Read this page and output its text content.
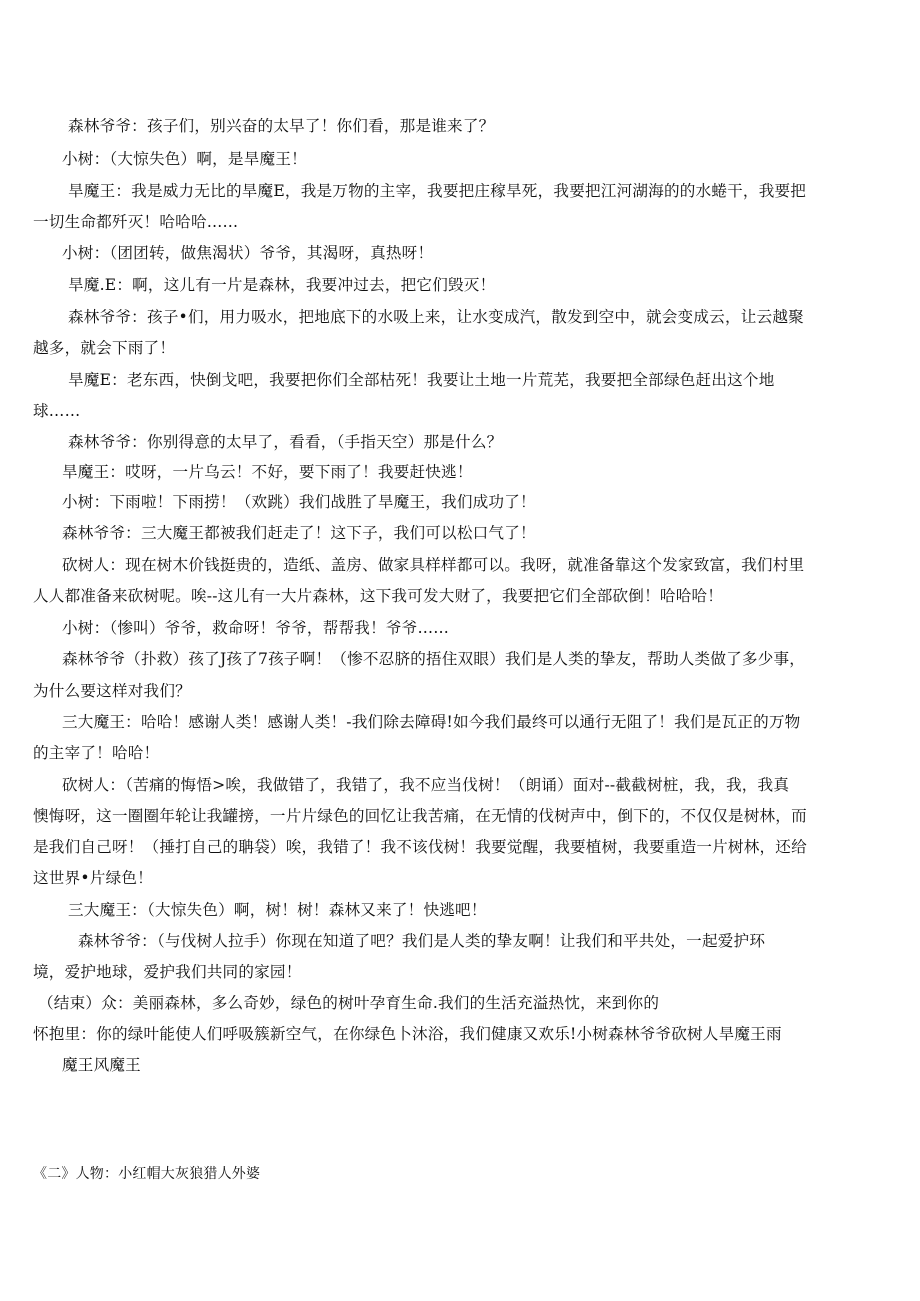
森林爷爷：孩子们，别兴奋的太早了！你们看，那是谁来了？
小树：（大惊失色）啊，是旱魔王！
旱魔王：我是威力无比的旱魔E，我是万物的主宰，我要把庄稼旱死，我要把江河湖海的的水蜷干，我要把
一切生命都歼灭！哈哈哈……
小树：（团团转，做焦渴状）爷爷，其渴呀，真热呀！
旱魔.E：啊，这儿有一片是森林，我要冲过去，把它们毁灭！
森林爷爷：孩子•们，用力吸水，把地底下的水吸上来，让水变成汽，散发到空中，就会变成云，让云越聚
越多，就会下雨了！
旱魔E：老东西，快倒戈吧，我要把你们全部枯死！我要让土地一片荒芜，我要把全部绿色赶出这个地
球……
森林爷爷：你别得意的太早了，看看，（手指天空）那是什么？
旱魔王：哎呀，一片乌云！不好，要下雨了！我要赶快逃！
小树：下雨啦！下雨捞！（欢跳）我们战胜了旱魔王，我们成功了！
森林爷爷：三大魔王都被我们赶走了！这下子，我们可以松口气了！
砍树人：现在树木价钱挺贵的，造纸、盖房、做家具样样都可以。我呀，就准备靠这个发家致富，我们村里
人人都准备来砍树呢。唉--这儿有一大片森林，这下我可发大财了，我要把它们全部砍倒！哈哈哈！
小树：（惨叫）爷爷，救命呀！爷爷，帮帮我！爷爷……
森林爷爷（扑救）孩了J孩了7孩子啊！（惨不忍脐的捂住双眼）我们是人类的挚友，帮助人类做了多少事，
为什么要这样对我们？
三大魔王：哈哈！感谢人类！感谢人类！-我们除去障碍!如今我们最终可以通行无阻了！我们是瓦正的万物
的主宰了！哈哈！
砍树人：（苦痛的悔悟>唉，我做错了，我错了，我不应当伐树！（朗诵）面对--截截树桩，我，我，我真
懊悔呀，这一圈圈年轮让我罐搒，一片片绿色的回忆让我苦痛，在无情的伐树声中，倒下的，不仅仅是树林，而
是我们自己呀！（捶打自己的聃袋）唉，我错了！我不该伐树！我要觉醒，我要植树，我要重造一片树林，还给
这世界•片绿色！
三大魔王：（大惊失色）啊，树！树！森林又来了！快逃吧！
森林爷爷：（与伐树人拉手）你现在知道了吧？我们是人类的挚友啊！让我们和平共处，一起爱护环
境，爱护地球，爱护我们共同的家园！
（结束）众：美丽森林，多么奇妙，绿色的树叶孕育生命.我们的生活充溢热忱，来到你的
怀抱里：你的绿叶能使人们呼吸簇新空气，在你绿色卜沐浴，我们健康又欢乐!小树森林爷爷砍树人旱魔王雨
魔王风魔王
《二》人物：小红帽大灰狼猎人外婆
